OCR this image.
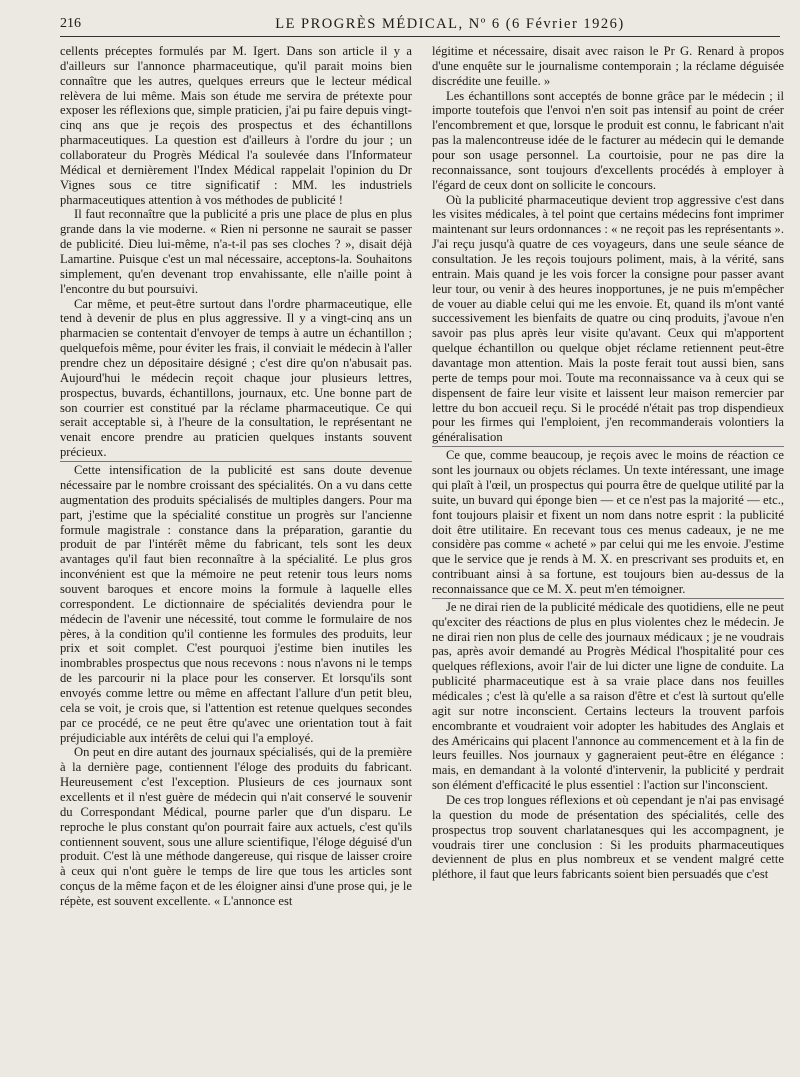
216	LE PROGRÈS MÉDICAL, Nº 6 (6 Février 1926)

cellents préceptes formulés par M. Igert. Dans son article il y a d'ailleurs sur l'annonce pharmaceutique, qu'il parait moins bien connaître que les autres, quelques erreurs que le lecteur médical relèvera de lui même. Mais son étude me servira de prétexte pour exposer les réflexions que, simple praticien, j'ai pu faire depuis vingt-cinq ans que je reçois des prospectus et des échantillons pharmaceutiques. La question est d'ailleurs à l'ordre du jour ; un collaborateur du Progrès Médical l'a soulevée dans l'Informateur Médical et dernièrement l'Index Médical rappelait l'opinion du Dr Vignes sous ce titre significatif : MM. les industriels pharmaceutiques attention à vos méthodes de publicité !

Il faut reconnaître que la publicité a pris une place de plus en plus grande dans la vie moderne. « Rien ni personne ne saurait se passer de publicité. Dieu lui-même, n'a-t-il pas ses cloches ? », disait déjà Lamartine. Puisque c'est un mal nécessaire, acceptons-la. Souhaitons simplement, qu'en devenant trop envahissante, elle n'aille point à l'encontre du but poursuivi.

Car même, et peut-être surtout dans l'ordre pharmaceutique, elle tend à devenir de plus en plus aggressive. Il y a vingt-cinq ans un pharmacien se contentait d'envoyer de temps à autre un échantillon ; quelquefois même, pour éviter les frais, il conviait le médecin à l'aller prendre chez un dépositaire désigné ; c'est dire qu'on n'abusait pas. Aujourd'hui le médecin reçoit chaque jour plusieurs lettres, prospectus, buvards, échantillons, journaux, etc. Une bonne part de son courrier est constitué par la réclame pharmaceutique. Ce qui serait acceptable si, à l'heure de la consultation, le représentant ne venait encore prendre au praticien quelques instants souvent précieux.

Cette intensification de la publicité est sans doute devenue nécessaire par le nombre croissant des spécialités. On a vu dans cette augmentation des produits spécialisés de multiples dangers. Pour ma part, j'estime que la spécialité constitue un progrès sur l'ancienne formule magistrale : constance dans la préparation, garantie du produit de par l'intérêt même du fabricant, tels sont les deux avantages qu'il faut bien reconnaître à la spécialité. Le plus gros inconvénient est que la mémoire ne peut retenir tous leurs noms souvent baroques et encore moins la formule à laquelle elles correspondent. Le dictionnaire de spécialités deviendra pour le médecin de l'avenir une nécessité, tout comme le formulaire de nos pères, à la condition qu'il contienne les formules des produits, leur prix et soit complet. C'est pourquoi j'estime bien inutiles les inombrables prospectus que nous recevons : nous n'avons ni le temps de les parcourir ni la place pour les conserver. Et lorsqu'ils sont envoyés comme lettre ou même en affectant l'allure d'un petit bleu, cela se voit, je crois que, si l'attention est retenue quelques secondes par ce procédé, ce ne peut être qu'avec une orientation tout à fait préjudiciable aux intérêts de celui qui l'a employé.

On peut en dire autant des journaux spécialisés, qui de la première à la dernière page, contiennent l'éloge des produits du fabricant. Heureusement c'est l'exception. Plusieurs de ces journaux sont excellents et il n'est guère de médecin qui n'ait conservé le souvenir du Correspondant Médical, pourne parler que d'un disparu. Le reproche le plus constant qu'on pourrait faire aux actuels, c'est qu'ils contiennent souvent, sous une allure scientifique, l'éloge déguisé d'un produit. C'est là une méthode dangereuse, qui risque de laisser croire à ceux qui n'ont guère le temps de lire que tous les articles sont conçus de la même façon et de les éloigner ainsi d'une prose qui, je le répète, est souvent excellente. « L'annonce est

légitime et nécessaire, disait avec raison le Pr G. Renard à propos d'une enquête sur le journalisme contemporain ; la réclame déguisée discrédite une feuille. »

Les échantillons sont acceptés de bonne grâce par le médecin ; il importe toutefois que l'envoi n'en soit pas intensif au point de créer l'encombrement et que, lorsque le produit est connu, le fabricant n'ait pas la malencontreuse idée de le facturer au médecin qui le demande pour son usage personnel. La courtoisie, pour ne pas dire la reconnaissance, sont toujours d'excellents procédés à employer à l'égard de ceux dont on sollicite le concours.

Où la publicité pharmaceutique devient trop aggressive c'est dans les visites médicales, à tel point que certains médecins font imprimer maintenant sur leurs ordonnances : « ne reçoit pas les représentants ». J'ai reçu jusqu'à quatre de ces voyageurs, dans une seule séance de consultation. Je les reçois toujours poliment, mais, à la vérité, sans entrain. Mais quand je les vois forcer la consigne pour passer avant leur tour, ou venir à des heures inopportunes, je ne puis m'empêcher de vouer au diable celui qui me les envoie. Et, quand ils m'ont vanté successivement les bienfaits de quatre ou cinq produits, j'avoue n'en savoir pas plus après leur visite qu'avant. Ceux qui m'apportent quelque échantillon ou quelque objet réclame retiennent peut-être davantage mon attention. Mais la poste ferait tout aussi bien, sans perte de temps pour moi. Toute ma reconnaissance va à ceux qui se dispensent de faire leur visite et laissent leur maison remercier par lettre du bon accueil reçu. Si le procédé n'était pas trop dispendieux pour les firmes qui l'emploient, j'en recommanderais volontiers la généralisation

Ce que, comme beaucoup, je reçois avec le moins de réaction ce sont les journaux ou objets réclames. Un texte intéressant, une image qui plaît à l'œil, un prospectus qui pourra être de quelque utilité par la suite, un buvard qui éponge bien — et ce n'est pas la majorité — etc., font toujours plaisir et fixent un nom dans notre esprit : la publicité doit être utilitaire. En recevant tous ces menus cadeaux, je ne me considère pas comme « acheté » par celui qui me les envoie. J'estime que le service que je rends à M. X. en prescrivant ses produits et, en contribuant ainsi à sa fortune, est toujours bien au-dessus de la reconnaissance que ce M. X. peut m'en témoigner.

Je ne dirai rien de la publicité médicale des quotidiens, elle ne peut qu'exciter des réactions de plus en plus violentes chez le médecin. Je ne dirai rien non plus de celle des journaux médicaux ; je ne voudrais pas, après avoir demandé au Progrès Médical l'hospitalité pour ces quelques réflexions, avoir l'air de lui dicter une ligne de conduite. La publicité pharmaceutique est à sa vraie place dans nos feuilles médicales ; c'est là qu'elle a sa raison d'être et c'est là surtout qu'elle agit sur notre inconscient. Certains lecteurs la trouvent parfois encombrante et voudraient voir adopter les habitudes des Anglais et des Américains qui placent l'annonce au commencement et à la fin de leurs feuilles. Nos journaux y gagneraient peut-être en élégance : mais, en demandant à la volonté d'intervenir, la publicité y perdrait son élément d'efficacité le plus essentiel : l'action sur l'inconscient.

De ces trop longues réflexions et où cependant je n'ai pas envisagé la question du mode de présentation des spécialités, celle des prospectus trop souvent charlatanesques qui les accompagnent, je voudrais tirer une conclusion : Si les produits pharmaceutiques deviennent de plus en plus nombreux et se vendent malgré cette pléthore, il faut que leurs fabricants soient bien persuadés que c'est
